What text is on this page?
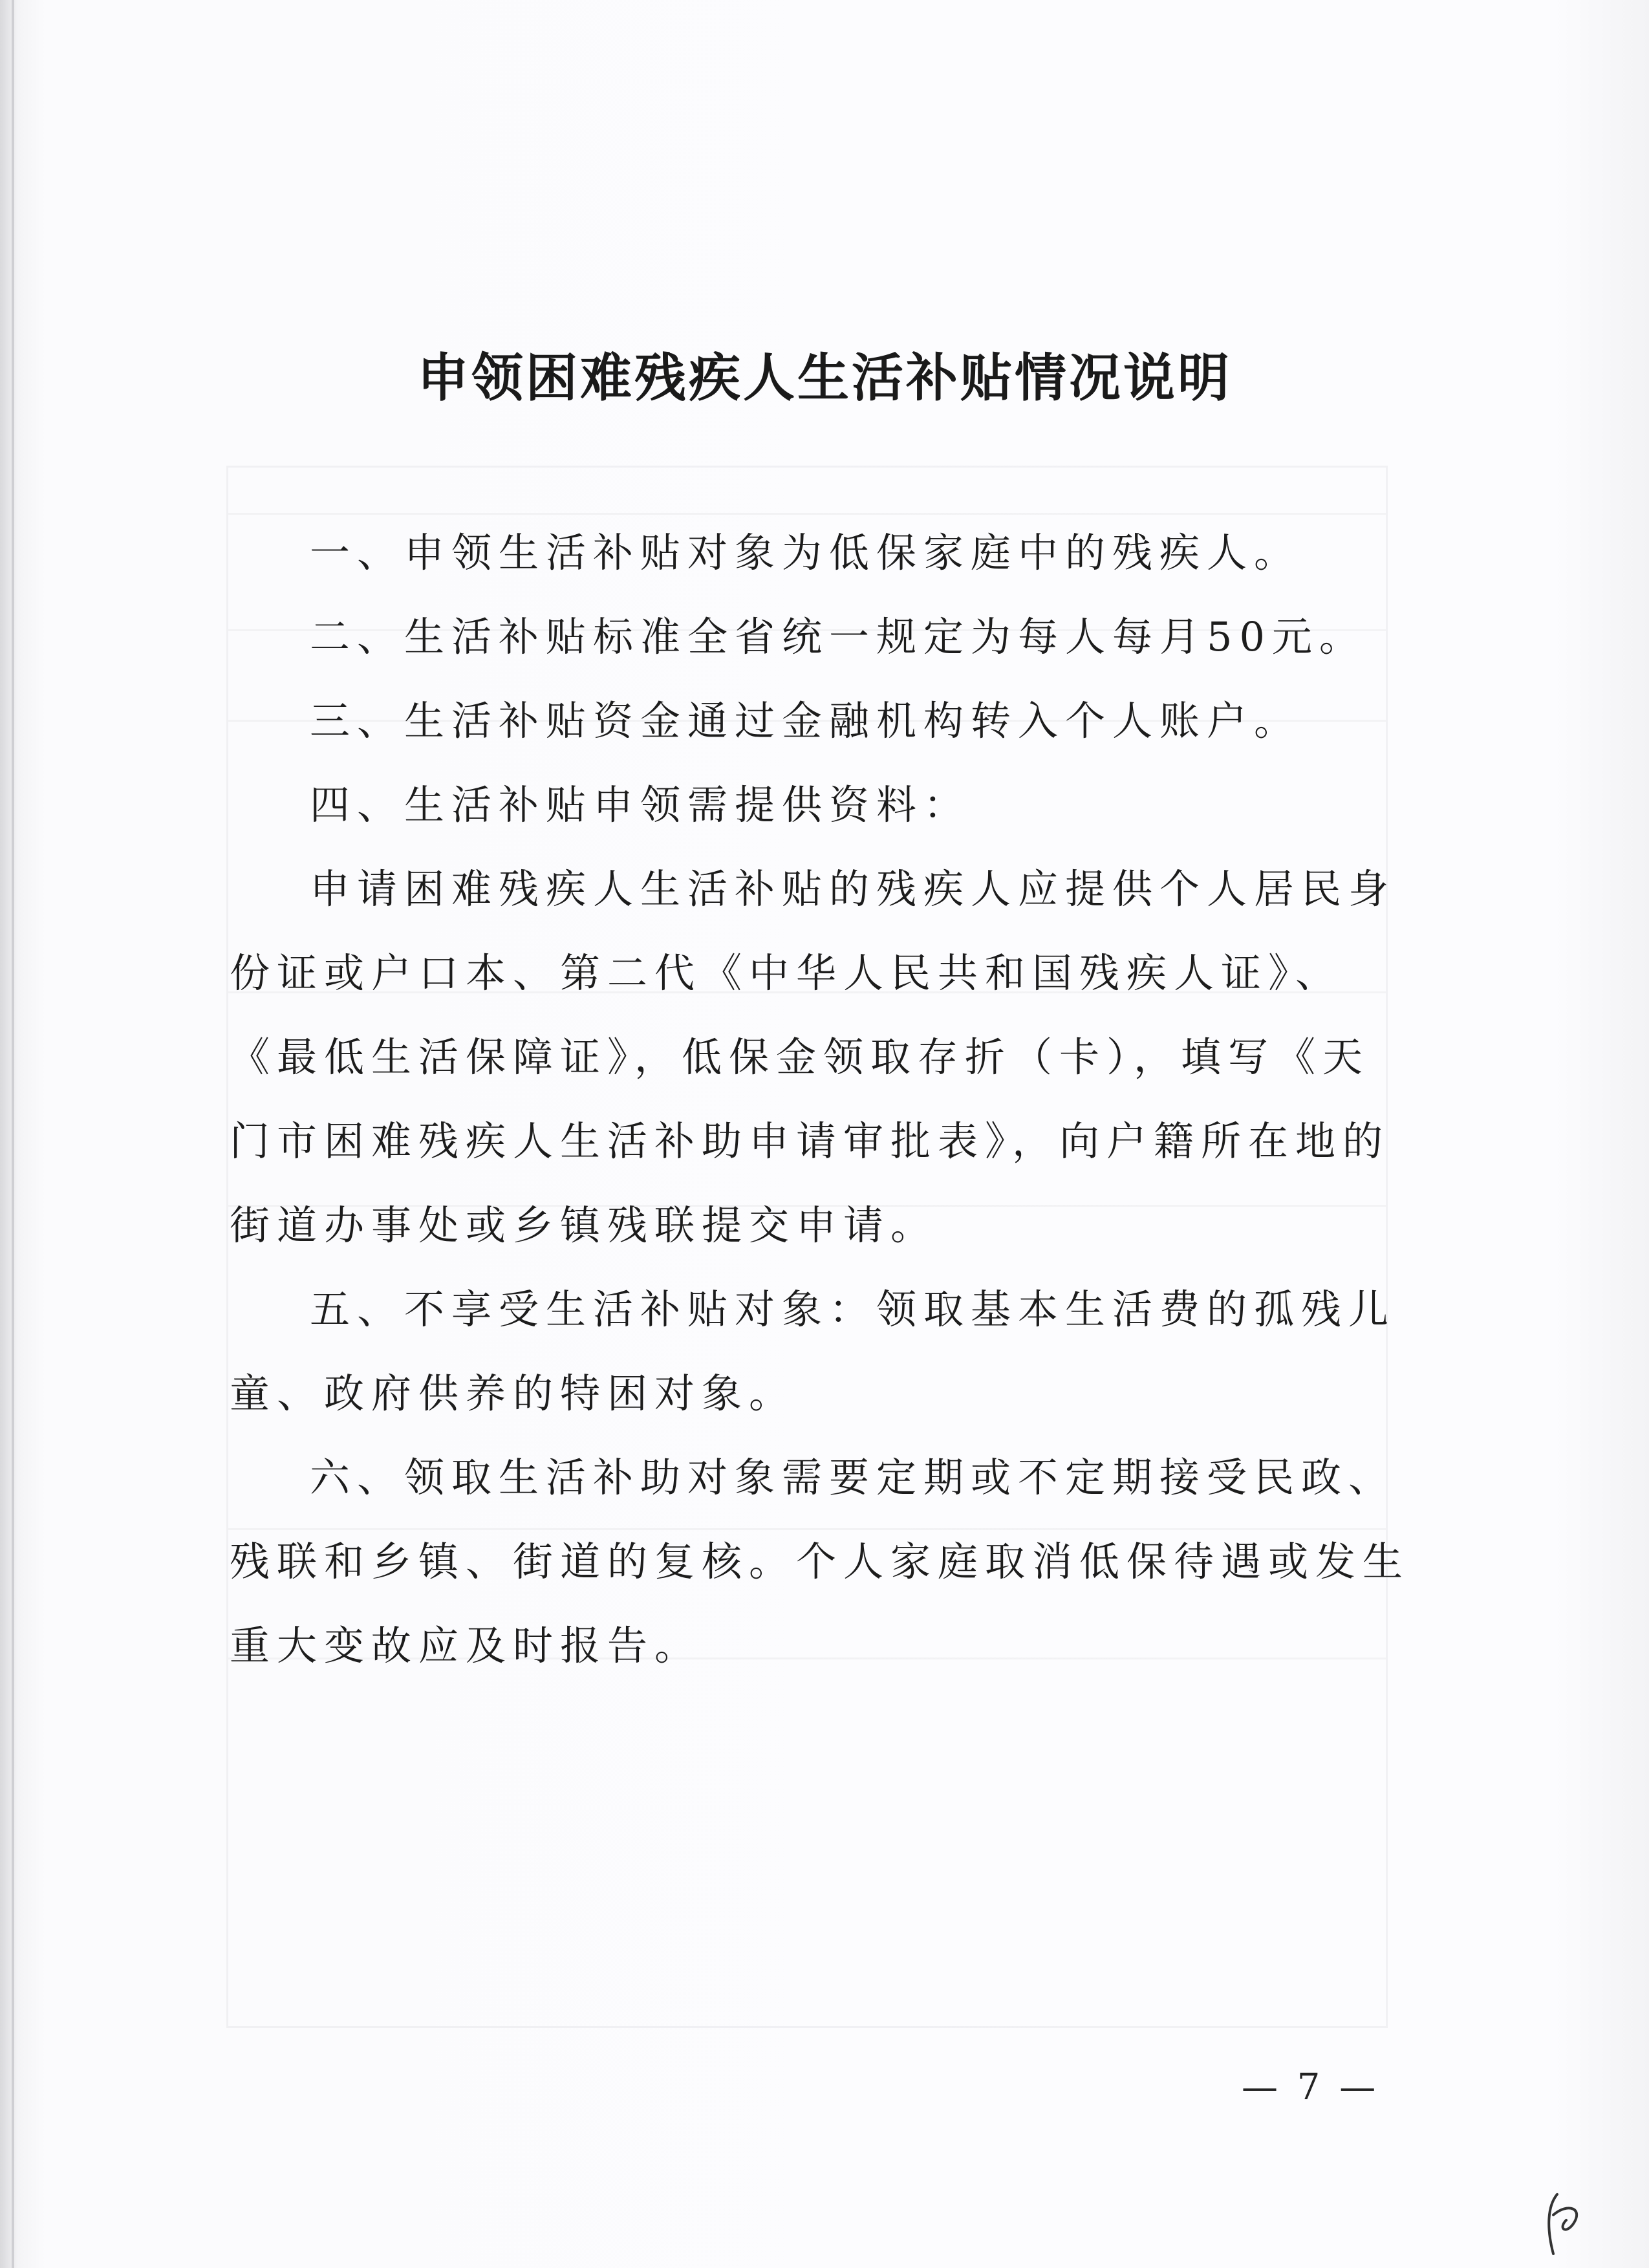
申领困难残疾人生活补贴情况说明

一、申领生活补贴对象为低保家庭中的残疾人。

二、生活补贴标准全省统一规定为每人每月50元。

三、生活补贴资金通过金融机构转入个人账户。

四、生活补贴申领需提供资料：

申请困难残疾人生活补贴的残疾人应提供个人居民身份证或户口本、第二代《中华人民共和国残疾人证》、《最低生活保障证》，低保金领取存折（卡），填写《天门市困难残疾人生活补助申请审批表》，向户籍所在地的街道办事处或乡镇残联提交申请。

五、不享受生活补贴对象：领取基本生活费的孤残儿童、政府供养的特困对象。

六、领取生活补助对象需要定期或不定期接受民政、残联和乡镇、街道的复核。个人家庭取消低保待遇或发生重大变故应及时报告。

— 7 —
